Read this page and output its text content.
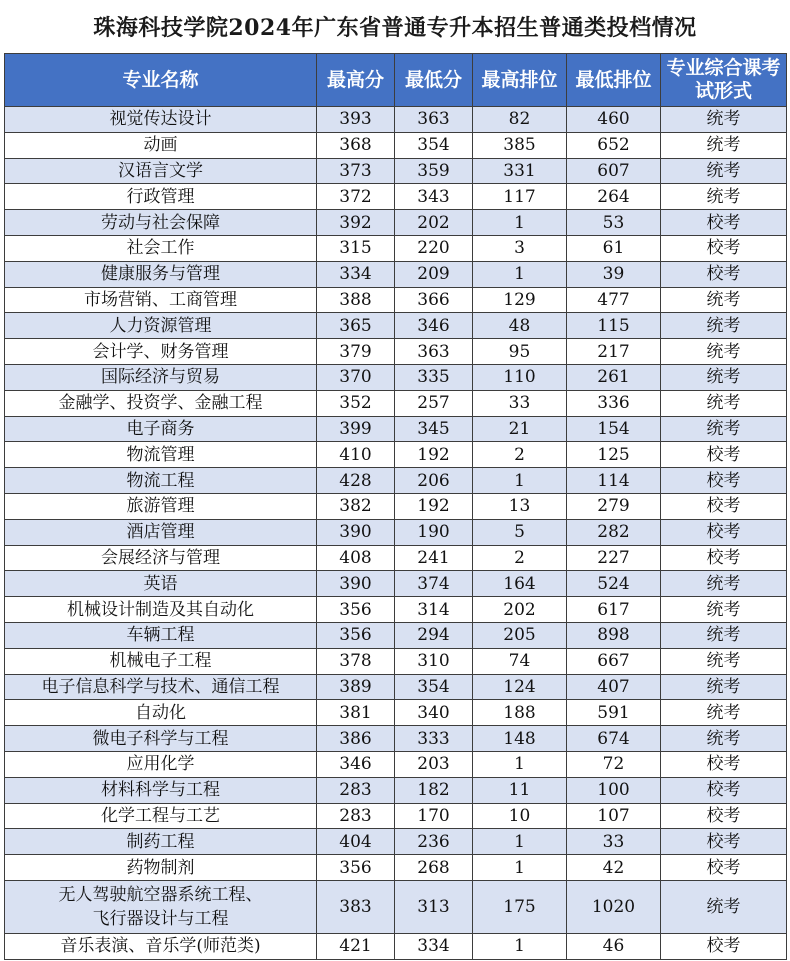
珠海科技学院2024年广东省普通专升本招生普通类投档情况
专业名称	最高分	最低分	最高排位	最低排位	专业综合课考试形式
视觉传达设计	393	363	82	460	统考
动画	368	354	385	652	统考
汉语言文学	373	359	331	607	统考
行政管理	372	343	117	264	统考
劳动与社会保障	392	202	1	53	校考
社会工作	315	220	3	61	校考
健康服务与管理	334	209	1	39	校考
市场营销、工商管理	388	366	129	477	统考
人力资源管理	365	346	48	115	统考
会计学、财务管理	379	363	95	217	统考
国际经济与贸易	370	335	110	261	统考
金融学、投资学、金融工程	352	257	33	336	统考
电子商务	399	345	21	154	统考
物流管理	410	192	2	125	校考
物流工程	428	206	1	114	校考
旅游管理	382	192	13	279	校考
酒店管理	390	190	5	282	校考
会展经济与管理	408	241	2	227	校考
英语	390	374	164	524	统考
机械设计制造及其自动化	356	314	202	617	统考
车辆工程	356	294	205	898	统考
机械电子工程	378	310	74	667	统考
电子信息科学与技术、通信工程	389	354	124	407	统考
自动化	381	340	188	591	统考
微电子科学与工程	386	333	148	674	统考
应用化学	346	203	1	72	校考
材料科学与工程	283	182	11	100	校考
化学工程与工艺	283	170	10	107	校考
制药工程	404	236	1	33	校考
药物制剂	356	268	1	42	校考

无人驾驶航空器系统工程、
飞行器设计与工程	383	313	175	1020	统考
音乐表演、音乐学(师范类)	421	334	1	46	校考
